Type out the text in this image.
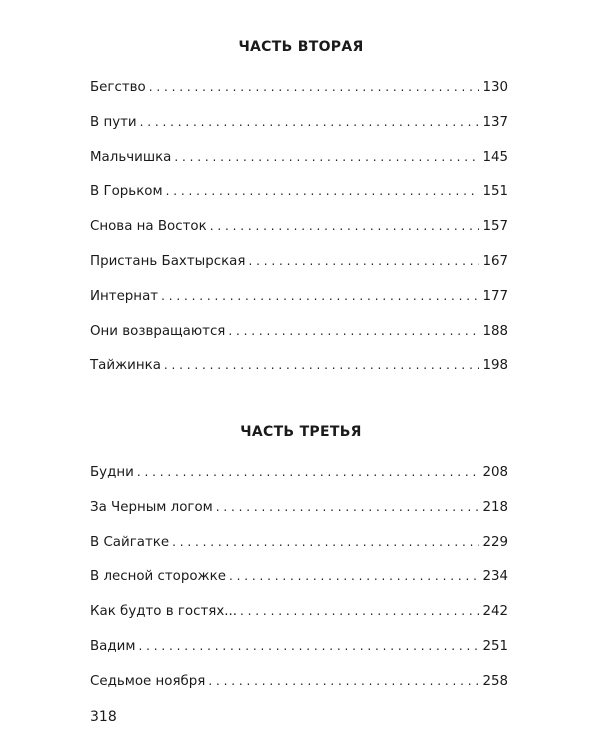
ЧАСТЬ ВТОРАЯ
Бегство . . .	130
В пути . . .	137
Мальчишка . . .	145
В Горьком . . .	151
Снова на Восток . . .	157
Пристань Бахтырская . . .	167
Интернат . . .	177
Они возвращаются . . .	188
Тайжинка . . .	198
ЧАСТЬ ТРЕТЬЯ
Будни . . .	208
За Черным логом . . .	218
В Сайгатке . . .	229
В лесной сторожке . . .	234
Как будто в гостях... . . .	242
Вадим . . .	251
Седьмое ноября . . .	258
318
